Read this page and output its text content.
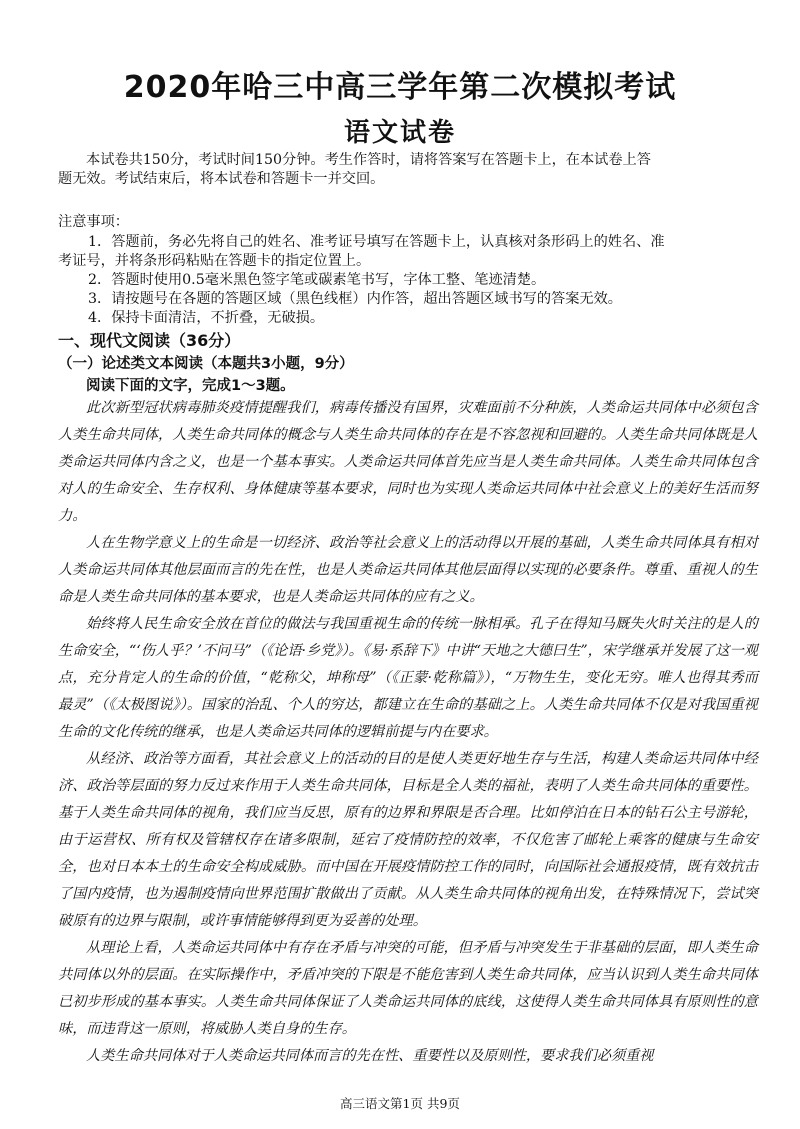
2020年哈三中高三学年第二次模拟考试
语文试卷

本试卷共150分，考试时间150分钟。考生作答时，请将答案写在答题卡上，在本试卷上答

题无效。考试结束后，将本试卷和答题卡一并交回。

注意事项：
1．答题前，务必先将自己的姓名、准考证号填写在答题卡上，认真核对条形码上的姓名、准
考证号，并将条形码粘贴在答题卡的指定位置上。
2．答题时使用0.5毫米黑色签字笔或碳素笔书写，字体工整、笔迹清楚。
3．请按题号在各题的答题区域（黑色线框）内作答，超出答题区域书写的答案无效。
4．保持卡面清洁，不折叠，无破损。
一、现代文阅读（36分）
（一）论述类文本阅读（本题共3小题，9分）
阅读下面的文字，完成1～3题。

此次新型冠状病毒肺炎疫情提醒我们，病毒传播没有国界，灾难面前不分种族，人类命运共同体中必须包含人类生命共同体，人类生命共同体的概念与人类生命共同体的存在是不容忽视和回避的。人类生命共同体既是人类命运共同体内含之义，也是一个基本事实。人类命运共同体首先应当是人类生命共同体。人类生命共同体包含对人的生命安全、生存权利、身体健康等基本要求，同时也为实现人类命运共同体中社会意义上的美好生活而努力。

人在生物学意义上的生命是一切经济、政治等社会意义上的活动得以开展的基础，人类生命共同体具有相对人类命运共同体其他层面而言的先在性，也是人类命运共同体其他层面得以实现的必要条件。尊重、重视人的生命是人类生命共同体的基本要求，也是人类命运共同体的应有之义。

始终将人民生命安全放在首位的做法与我国重视生命的传统一脉相承。孔子在得知马厩失火时关注的是人的生命安全，“‘伤人乎？’不问马”（《论语·乡党》）。《易·系辞下》中讲“天地之大德曰生”，宋学继承并发展了这一观点，充分肯定人的生命的价值，“乾称父，坤称母”（《正蒙·乾称篇》），“万物生生，变化无穷。唯人也得其秀而最灵”（《太极图说》）。国家的治乱、个人的穷达，都建立在生命的基础之上。人类生命共同体不仅是对我国重视生命的文化传统的继承，也是人类命运共同体的逻辑前提与内在要求。

从经济、政治等方面看，其社会意义上的活动的目的是使人类更好地生存与生活，构建人类命运共同体中经济、政治等层面的努力反过来作用于人类生命共同体，目标是全人类的福祉，表明了人类生命共同体的重要性。基于人类生命共同体的视角，我们应当反思，原有的边界和界限是否合理。比如停泊在日本的钻石公主号游轮，由于运营权、所有权及管辖权存在诸多限制，延宕了疫情防控的效率，不仅危害了邮轮上乘客的健康与生命安全，也对日本本土的生命安全构成威胁。而中国在开展疫情防控工作的同时，向国际社会通报疫情，既有效抗击了国内疫情，也为遏制疫情向世界范围扩散做出了贡献。从人类生命共同体的视角出发，在特殊情况下，尝试突破原有的边界与限制，或许事情能够得到更为妥善的处理。

从理论上看，人类命运共同体中有存在矛盾与冲突的可能，但矛盾与冲突发生于非基础的层面，即人类生命共同体以外的层面。在实际操作中，矛盾冲突的下限是不能危害到人类生命共同体，应当认识到人类生命共同体已初步形成的基本事实。人类生命共同体保证了人类命运共同体的底线，这使得人类生命共同体具有原则性的意味，而违背这一原则，将威胁人类自身的生存。

人类生命共同体对于人类命运共同体而言的先在性、重要性以及原则性，要求我们必须重视

高三语文第1页 共9页
